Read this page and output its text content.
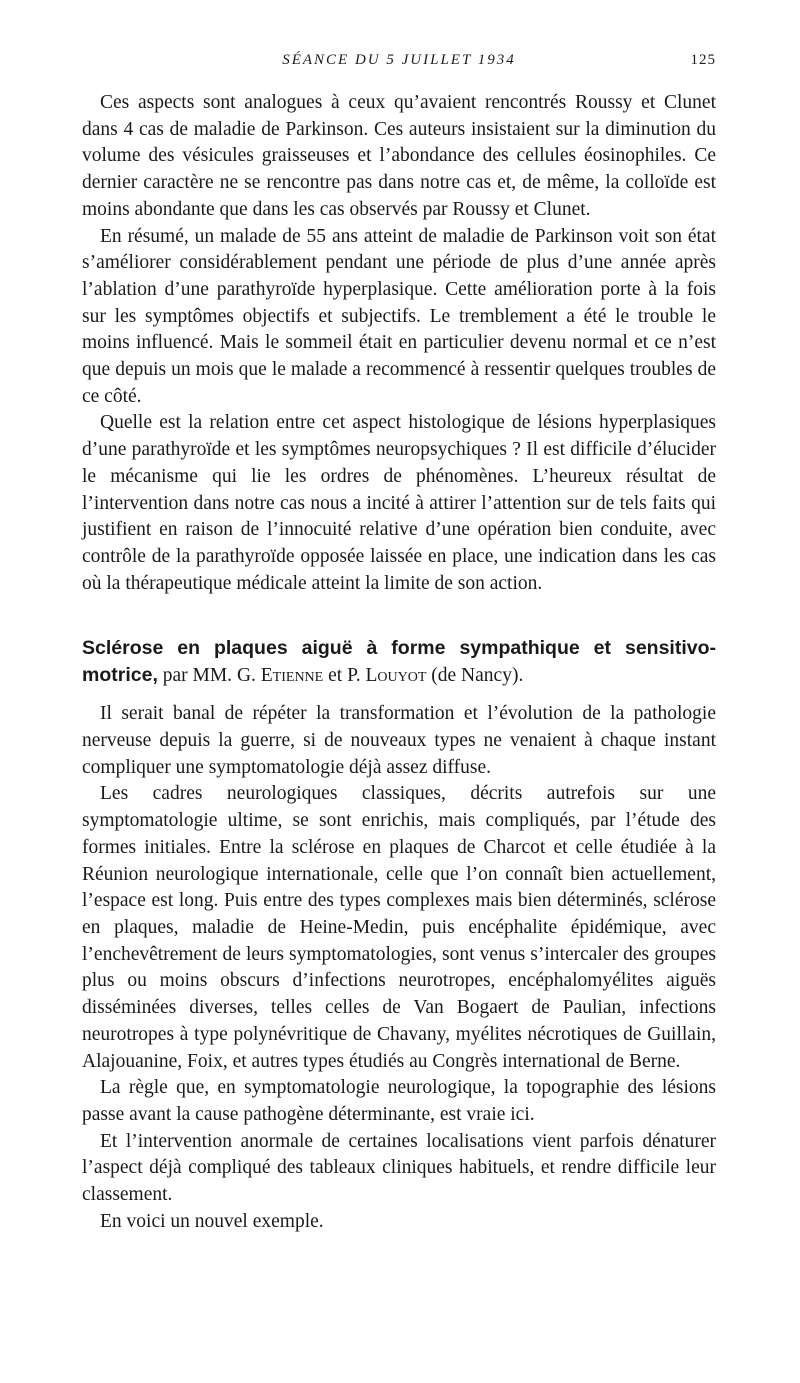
SÉANCE DU 5 JUILLET 1934	125

Ces aspects sont analogues à ceux qu’avaient rencontrés Roussy et Clunet dans 4 cas de maladie de Parkinson. Ces auteurs insistaient sur la diminution du volume des vésicules graisseuses et l’abondance des cellules éosinophiles. Ce dernier caractère ne se rencontre pas dans notre cas et, de même, la colloïde est moins abondante que dans les cas observés par Roussy et Clunet.

En résumé, un malade de 55 ans atteint de maladie de Parkinson voit son état s’améliorer considérablement pendant une période de plus d’une année après l’ablation d’une parathyroïde hyperplasique. Cette amélioration porte à la fois sur les symptômes objectifs et subjectifs. Le tremblement a été le trouble le moins influencé. Mais le sommeil était en particulier devenu normal et ce n’est que depuis un mois que le malade a recommencé à ressentir quelques troubles de ce côté.

Quelle est la relation entre cet aspect histologique de lésions hyperplasiques d’une parathyroïde et les symptômes neuropsychiques ? Il est difficile d’élucider le mécanisme qui lie les ordres de phénomènes. L’heureux résultat de l’intervention dans notre cas nous a incité à attirer l’attention sur de tels faits qui justifient en raison de l’innocuité relative d’une opération bien conduite, avec contrôle de la parathyroïde opposée laissée en place, une indication dans les cas où la thérapeutique médicale atteint la limite de son action.

Sclérose en plaques aiguë à forme sympathique et sensitivo-motrice, par MM. G. Etienne et P. Louyot (de Nancy).

Il serait banal de répéter la transformation et l’évolution de la pathologie nerveuse depuis la guerre, si de nouveaux types ne venaient à chaque instant compliquer une symptomatologie déjà assez diffuse.

Les cadres neurologiques classiques, décrits autrefois sur une symptomatologie ultime, se sont enrichis, mais compliqués, par l’étude des formes initiales. Entre la sclérose en plaques de Charcot et celle étudiée à la Réunion neurologique internationale, celle que l’on connaît bien actuellement, l’espace est long. Puis entre des types complexes mais bien déterminés, sclérose en plaques, maladie de Heine-Medin, puis encéphalite épidémique, avec l’enchevêtrement de leurs symptomatologies, sont venus s’intercaler des groupes plus ou moins obscurs d’infections neurotropes, encéphalomyélites aiguës disséminées diverses, telles celles de Van Bogaert de Paulian, infections neurotropes à type polynévritique de Chavany, myélites nécrotiques de Guillain, Alajouanine, Foix, et autres types étudiés au Congrès international de Berne.

La règle que, en symptomatologie neurologique, la topographie des lésions passe avant la cause pathogène déterminante, est vraie ici.

Et l’intervention anormale de certaines localisations vient parfois dénaturer l’aspect déjà compliqué des tableaux cliniques habituels, et rendre difficile leur classement.

En voici un nouvel exemple.
